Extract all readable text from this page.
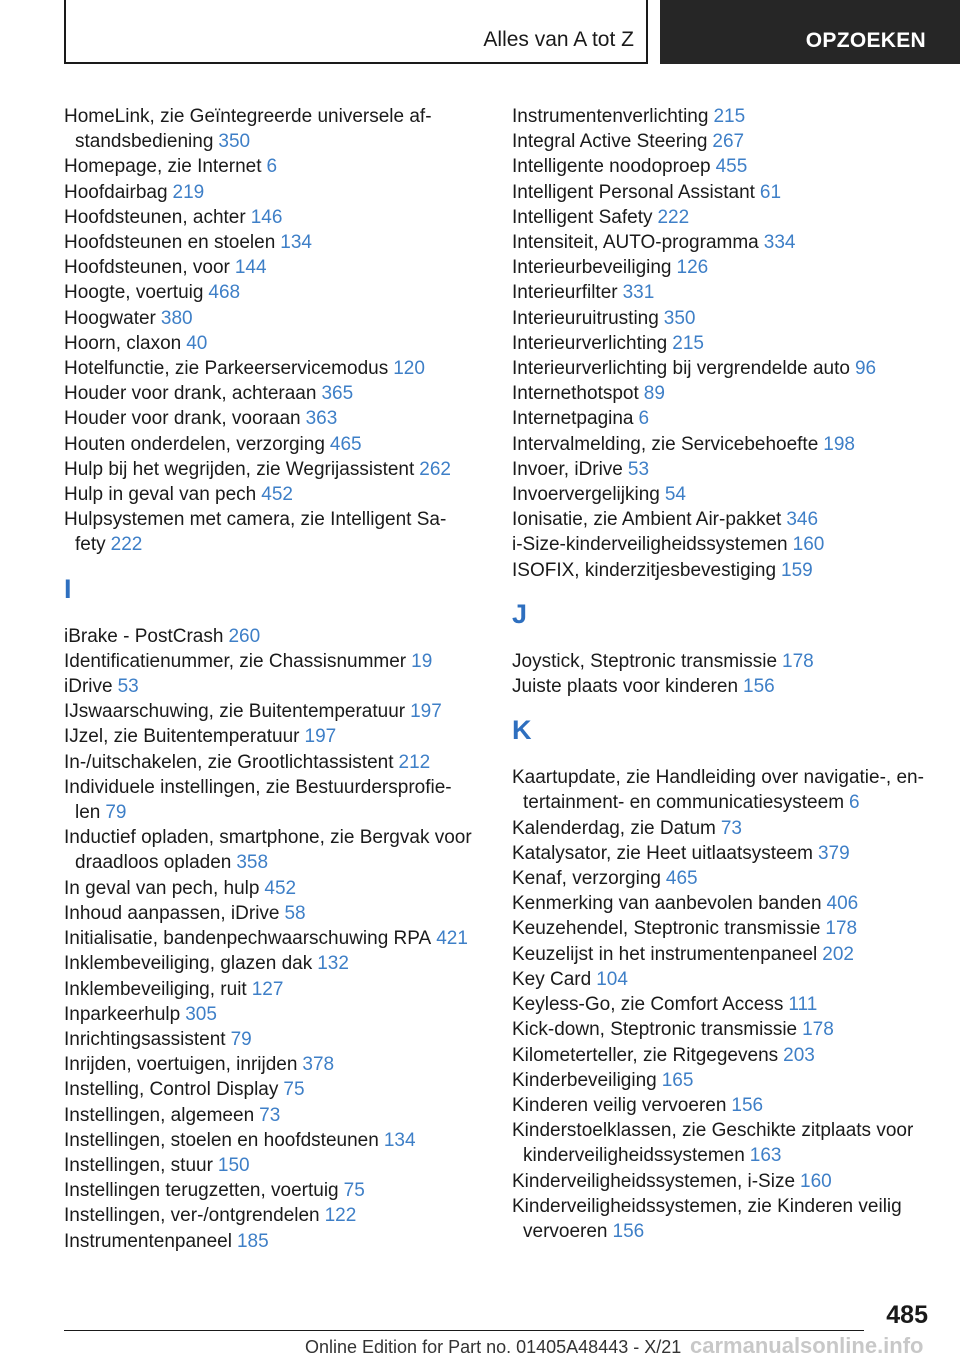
Alles van A tot Z	OPZOEKEN
HomeLink, zie Geïntegreerde universele afstandsbediening 350
Homepage, zie Internet 6
Hoofdairbag 219
Hoofdsteunen, achter 146
Hoofdsteunen en stoelen 134
Hoofdsteunen, voor 144
Hoogte, voertuig 468
Hoogwater 380
Hoorn, claxon 40
Hotelfunctie, zie Parkeerservicemodus 120
Houder voor drank, achteraan 365
Houder voor drank, vooraan 363
Houten onderdelen, verzorging 465
Hulp bij het wegrijden, zie Wegrijassistent 262
Hulp in geval van pech 452
Hulpsystemen met camera, zie Intelligent Safety 222
I
iBrake - PostCrash 260
Identificatienummer, zie Chassisnummer 19
iDrive 53
IJswaarschuwing, zie Buitentemperatuur 197
IJzel, zie Buitentemperatuur 197
In-/uitschakelen, zie Grootlichtassistent 212
Individuele instellingen, zie Bestuurdersprofielen 79
Inductief opladen, smartphone, zie Bergvak voor draadloos opladen 358
In geval van pech, hulp 452
Inhoud aanpassen, iDrive 58
Initialisatie, bandenpechwaarschuwing RPA 421
Inklembeveiliging, glazen dak 132
Inklembeveiliging, ruit 127
Inparkeerhulp 305
Inrichtingsassistent 79
Inrijden, voertuigen, inrijden 378
Instelling, Control Display 75
Instellingen, algemeen 73
Instellingen, stoelen en hoofdsteunen 134
Instellingen, stuur 150
Instellingen terugzetten, voertuig 75
Instellingen, ver-/ontgrendelen 122
Instrumentenpaneel 185
Instrumentenverlichting 215
Integral Active Steering 267
Intelligente noodoproep 455
Intelligent Personal Assistant 61
Intelligent Safety 222
Intensiteit, AUTO-programma 334
Interieurbeveiliging 126
Interieurfilter 331
Interieuruitrusting 350
Interieurverlichting 215
Interieurverlichting bij vergrendelde auto 96
Internethotspot 89
Internetpagina 6
Intervalmelding, zie Servicebehoefte 198
Invoer, iDrive 53
Invoervergelijking 54
Ionisatie, zie Ambient Air-pakket 346
i-Size-kinderveiligheidssystemen 160
ISOFIX, kinderzitjesbevestiging 159
J
Joystick, Steptronic transmissie 178
Juiste plaats voor kinderen 156
K
Kaartupdate, zie Handleiding over navigatie-, entertainment- en communicatiesysteem 6
Kalenderdag, zie Datum 73
Katalysator, zie Heet uitlaatsysteem 379
Kenaf, verzorging 465
Kenmerking van aanbevolen banden 406
Keuzehendel, Steptronic transmissie 178
Keuzelijst in het instrumentenpaneel 202
Key Card 104
Keyless-Go, zie Comfort Access 111
Kick-down, Steptronic transmissie 178
Kilometerteller, zie Ritgegevens 203
Kinderbeveiliging 165
Kinderen veilig vervoeren 156
Kinderstoelklassen, zie Geschikte zitplaats voor kinderveiligheidssystemen 163
Kinderveiligheidssystemen, i-Size 160
Kinderveiligheidssystemen, zie Kinderen veilig vervoeren 156
485
Online Edition for Part no. 01405A48443 - X/21 carmanualsonline.info
